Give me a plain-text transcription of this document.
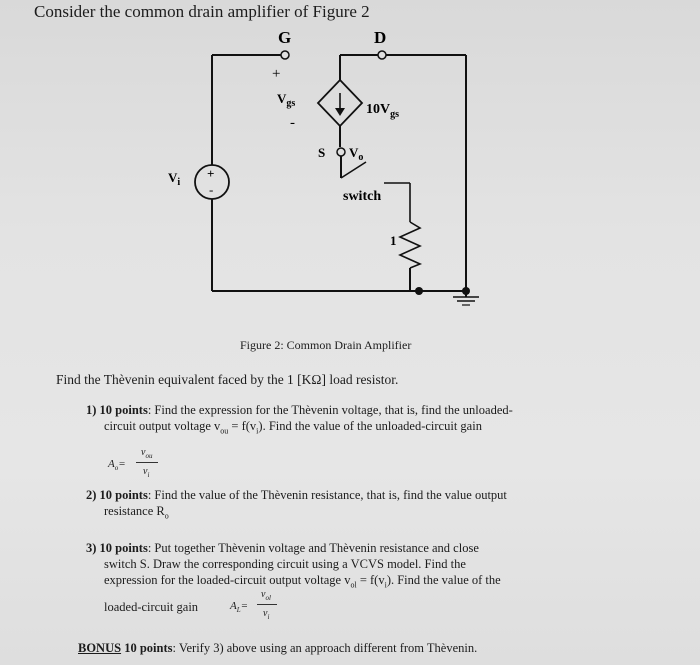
Consider the common drain amplifier of Figure 2
G	D
+
$V_{gs}$
-
$10V_{gs}$
S $V_o$
$V_i$
+
-	switch
1
Figure 2: Common Drain Amplifier
Find the Thèvenin equivalent faced by the 1 [KΩ] load resistor.
1) 10 points: Find the expression for the Thèvenin voltage, that is, find the unloaded-
circuit output voltage $v_{ou} = f(v_i)$. Find the value of the unloaded-circuit gain
$A_o=$
$v_{ou}$
$v_i$
2) 10 points: Find the value of the Thèvenin resistance, that is, find the value output
resistance $R_o$
3) 10 points: Put together Thèvenin voltage and Thèvenin resistance and close
switch S. Draw the corresponding circuit using a VCVS model. Find the
expression for the loaded-circuit output voltage $v_{ol} = f(v_i)$. Find the value of the
loaded-circuit gain	$A_L=$
$v_{ol}$
$v_i$
BONUS 10 points: Verify 3) above using an approach different from Thèvenin.
